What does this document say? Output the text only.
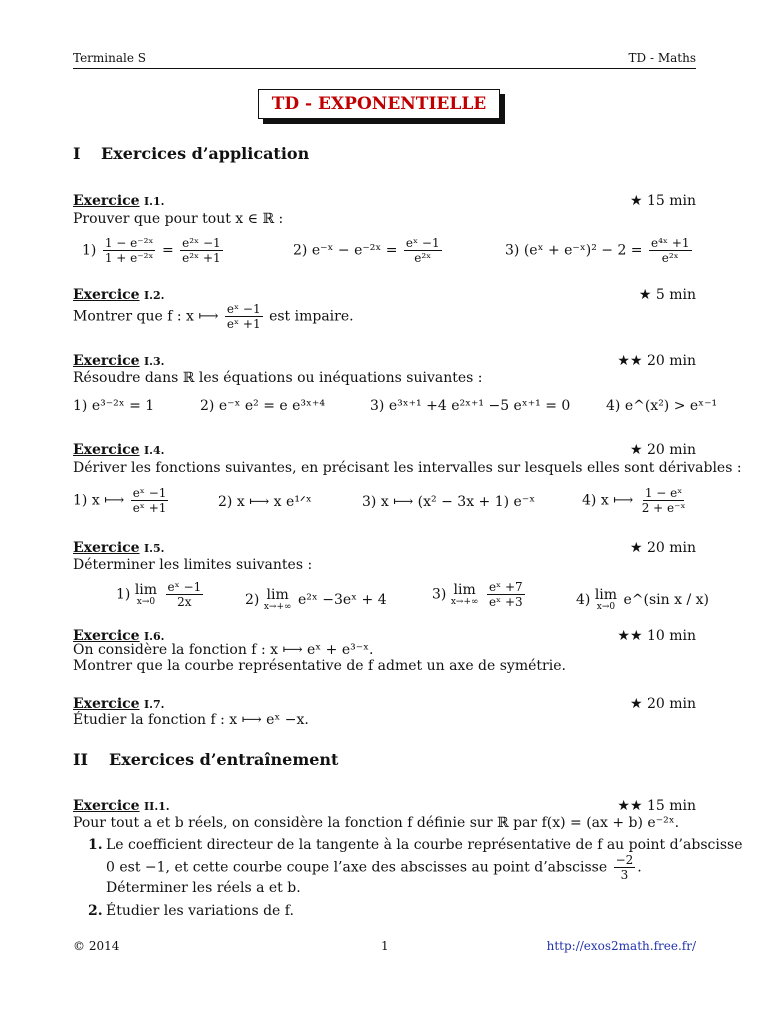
Terminale S	TD - Maths
TD - EXPONENTIELLE
I Exercices d’application
Exercice I.1.	★ 15 min
Prouver que pour tout x ∈ ℝ :
$1) \frac{\text{1 − e⁻²ˣ}}{\text{1 + e⁻²ˣ}} = \frac{\text{e²ˣ −1}}{\text{e²ˣ +1}}$	2) e⁻ˣ − e⁻²ˣ = $\frac{\text{eˣ −1}}{\text{e²ˣ}}$	3) (eˣ + e⁻ˣ)² − $2 = \frac{\text{e⁴ˣ +1}}{\text{e²ˣ}}$
Exercice I.2.	★ 5 min
Montrer que f : x ⟼ $\frac{\text{eˣ −1}}{\text{eˣ +1}}$ est impaire.
Exercice I.3.	★★ 20 min
Résoudre dans ℝ les équations ou inéquations suivantes :
1) e³⁻²ˣ = 1	2) e⁻ˣ e² = e e³ˣ⁺⁴	3) e³ˣ⁺¹ +4 e²ˣ⁺¹ −5 eˣ⁺¹ = 0	4) e^(x²) > eˣ⁻¹
Exercice I.4.	★ 20 min
Dériver les fonctions suivantes, en précisant les intervalles sur lesquels elles sont dérivables :
1) x ⟼ $\frac{\text{eˣ −1}}{\text{eˣ +1}}$	2) x ⟼ x e¹ᐟˣ	3) x ⟼ (x² − 3x + 1) e⁻ˣ	4) x ⟼ $\frac{\text{1 − eˣ}}{\text{2 + e⁻ˣ}}$
Exercice I.5.	★ 20 min
Déterminer les limites suivantes :
1) lim
x→0
$\frac{\text{eˣ −1}}{2x}$	2) lim
x→+∞ e²ˣ −3eˣ + 4	3) lim
x→+∞
$\frac{\text{eˣ +7}}{\text{eˣ +3}}$	4) lim
x→0 e^(sin x / x)
Exercice I.6.	★★ 10 min
On considère la fonction f : x ⟼ eˣ + e³⁻ˣ.
Montrer que la courbe représentative de f admet un axe de symétrie.
Exercice I.7.	★ 20 min
Étudier la fonction f : x ⟼ eˣ −x.
II Exercices d’entraînement
Exercice II.1.	★★ 15 min
Pour tout a et b réels, on considère la fonction f définie sur ℝ par f(x) = (ax + b) e⁻²ˣ.
1. Le coefficient directeur de la tangente à la courbe représentative de f au point d’abscisse
0 est −1, et cette courbe coupe l’axe des abscisses au point d’abscisse $\frac{-2}{3}$ .
Déterminer les réels a et b.
2. Étudier les variations de f.
© 2014	1	http://exos2math.free.fr/
